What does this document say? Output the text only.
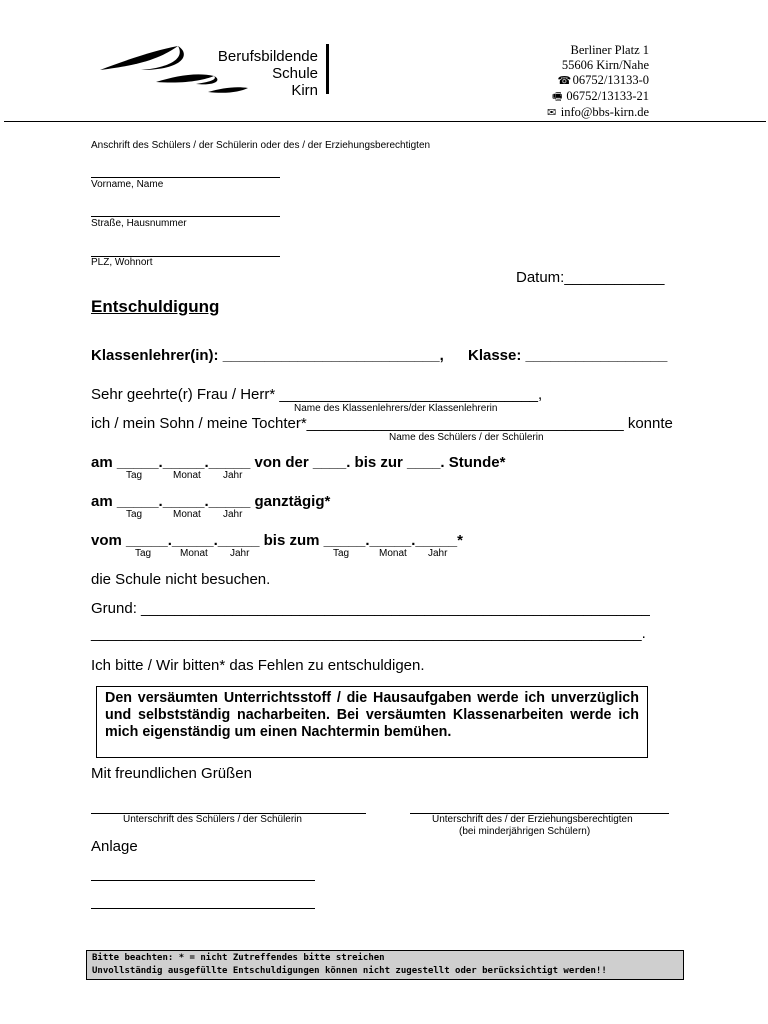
Berufsbildende
Schule
Kirn
Berliner Platz 1
55606 Kirn/Nahe
☎ 06752/13133-0
🖷 06752/13133-21
✉ info@bbs-kirn.de
Anschrift des Schülers / der Schülerin oder des / der Erziehungsberechtigten
Vorname, Name
Straße, Hausnummer
PLZ, Wohnort
Datum:____________
Entschuldigung
Klassenlehrer(in): __________________________, Klasse: _________________
Sehr geehrte(r) Frau / Herr* _______________________________,
Name des Klassenlehrers/der Klassenlehrerin
ich / mein Sohn / meine Tochter*______________________________________ konnte
Name des Schülers / der Schülerin
am _____._____._____ von der ____. bis zur ____. Stunde*
Tag	Monat Jahr
am _____._____._____ ganztägig*
Tag	Monat Jahr
vom _____._____._____ bis zum _____._____._____*
Tag	Monat Jahr	Tag	Monat Jahr
die Schule nicht besuchen.
Grund: _____________________________________________________________
__________________________________________________________________.
Ich bitte / Wir bitten* das Fehlen zu entschuldigen.
Den versäumten Unterrichtsstoff / die Hausaufgaben werde ich unverzüglich und selbstständig nacharbeiten. Bei versäumten Klassenarbeiten werde ich mich eigenständig um einen Nachtermin bemühen.
Mit freundlichen Grüßen
Unterschrift des Schülers / der Schülerin	Unterschrift des / der Erziehungsberechtigten
(bei minderjährigen Schülern)
Anlage
Bitte beachten: * = nicht Zutreffendes bitte streichen
Unvollständig ausgefüllte Entschuldigungen können nicht zugestellt oder berücksichtigt werden!!
